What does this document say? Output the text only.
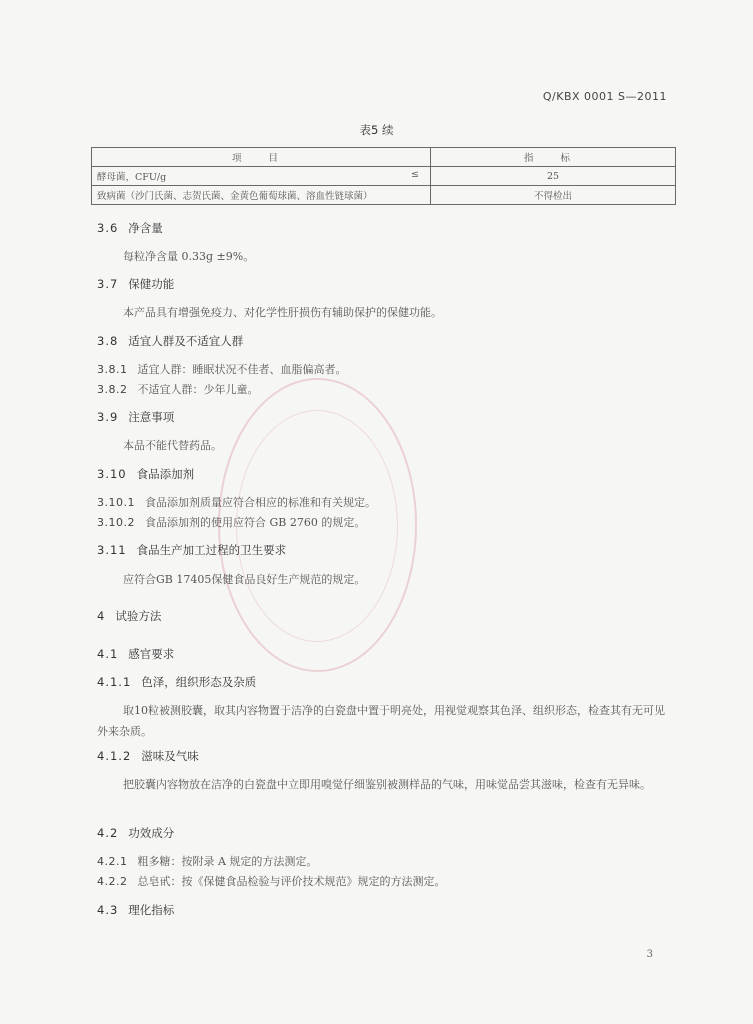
Q/KBX 0001 S—2011
表5 续
项 目	指 标
酵母菌，CFU/g ≤	25
致病菌（沙门氏菌、志贺氏菌、金黄色葡萄球菌、溶血性链球菌）	不得检出
3.6 净含量
每粒净含量 0.33g ±9%。
3.7 保健功能
本产品具有增强免疫力、对化学性肝损伤有辅助保护的保健功能。
3.8 适宜人群及不适宜人群
3.8.1 适宜人群：睡眠状况不佳者、血脂偏高者。
3.8.2 不适宜人群：少年儿童。
3.9 注意事项
本品不能代替药品。
3.10 食品添加剂
3.10.1 食品添加剂质量应符合相应的标准和有关规定。
3.10.2 食品添加剂的使用应符合 GB 2760 的规定。
3.11 食品生产加工过程的卫生要求
应符合GB 17405保健食品良好生产规范的规定。
4 试验方法
4.1 感官要求
4.1.1 色泽，组织形态及杂质
取10粒被测胶囊，取其内容物置于洁净的白瓷盘中置于明亮处，用视觉观察其色泽、组织形态，检查其有无可见外来杂质。
4.1.2 滋味及气味
把胶囊内容物放在洁净的白瓷盘中立即用嗅觉仔细鉴别被测样品的气味，用味觉品尝其滋味，检查有无异味。
4.2 功效成分
4.2.1 粗多糖：按附录 A 规定的方法测定。
4.2.2 总皂甙：按《保健食品检验与评价技术规范》规定的方法测定。
4.3 理化指标
3
